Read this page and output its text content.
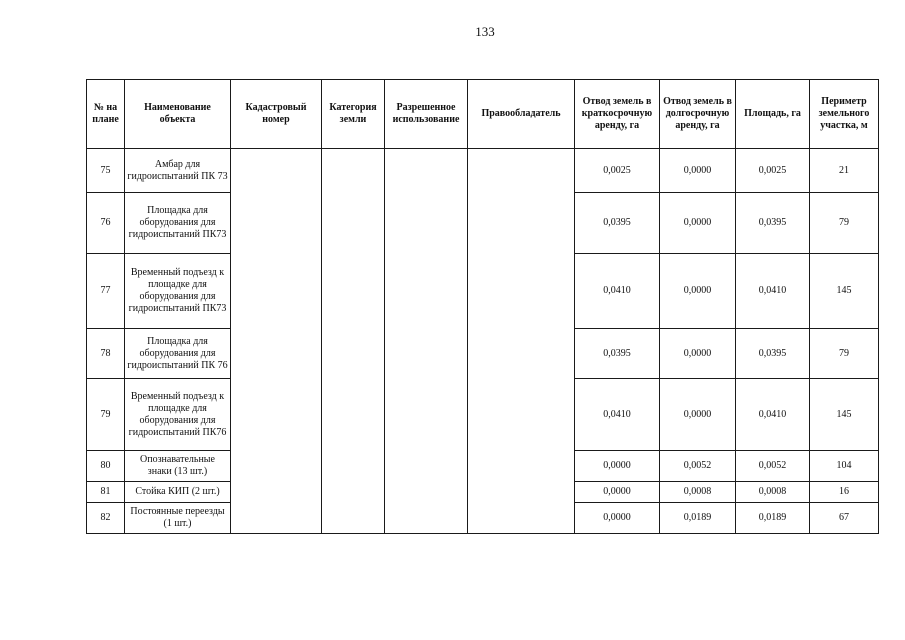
133
№ на плане	Наименование объекта	Кадастровый номер	Категория земли	Разрешенное использование	Правообладатель	Отвод земель в краткосрочную аренду, га	Отвод земель в долгосрочную аренду, га	Площадь, га	Периметр земельного участка, м
75	Амбар для гидроиспытаний ПК 73					0,0025	0,0000	0,0025	21
76	Площадка для оборудования для гидроиспытаний ПК73					0,0395	0,0000	0,0395	79
77	Временный подъезд к площадке для оборудования для гидроиспытаний ПК73					0,0410	0,0000	0,0410	145
78	Площадка для оборудования для гидроиспытаний ПК 76					0,0395	0,0000	0,0395	79
79	Временный подъезд к площадке для оборудования для гидроиспытаний ПК76					0,0410	0,0000	0,0410	145
80	Опознавательные знаки (13 шт.)					0,0000	0,0052	0,0052	104
81	Стойка КИП (2 шт.)					0,0000	0,0008	0,0008	16
82	Постоянные переезды (1 шт.)					0,0000	0,0189	0,0189	67
